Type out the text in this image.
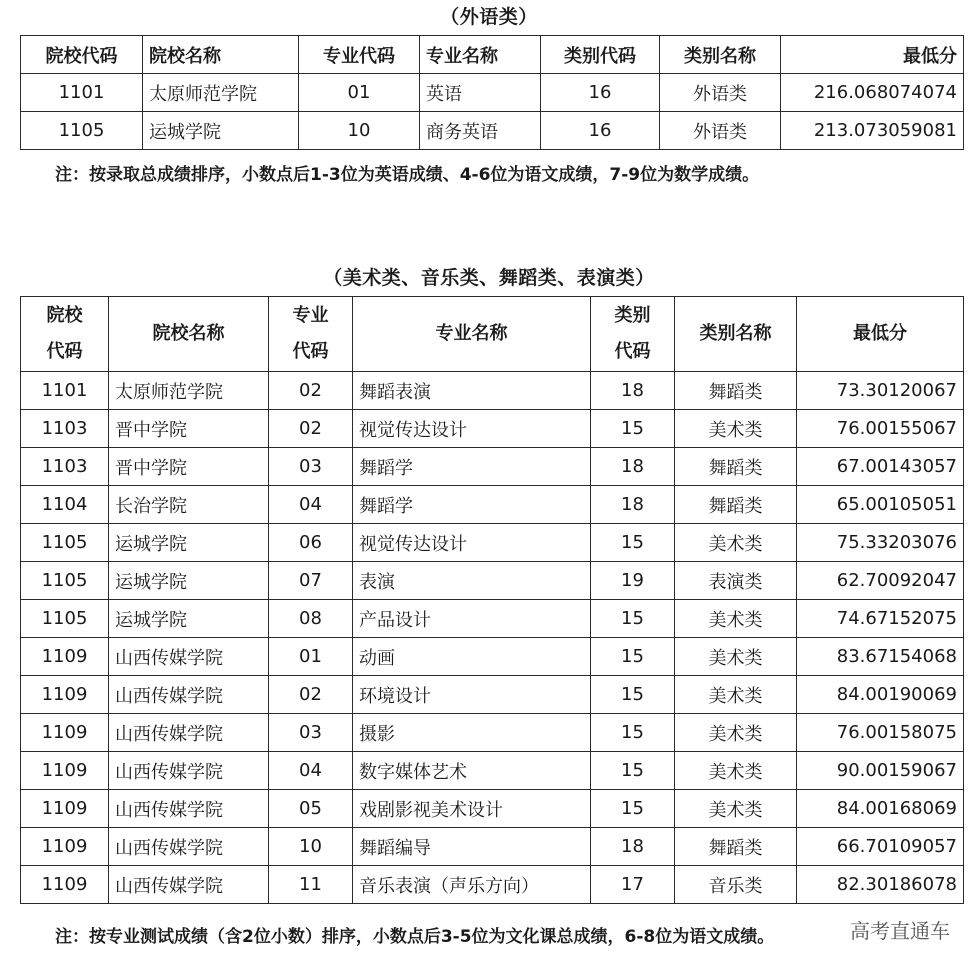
（外语类）
院校代码	院校名称	专业代码	专业名称	类别代码	类别名称	最低分
1101	太原师范学院	01	英语	16	外语类	216.068074074
1105	运城学院	10	商务英语	16	外语类	213.073059081
注：按录取总成绩排序，小数点后1-3位为英语成绩、4-6位为语文成绩，7-9位为数学成绩。
（美术类、音乐类、舞蹈类、表演类）
院校代码	院校名称	专业代码	专业名称	类别代码	类别名称	最低分
1101	太原师范学院	02	舞蹈表演	18	舞蹈类	73.30120067
1103	晋中学院	02	视觉传达设计	15	美术类	76.00155067
1103	晋中学院	03	舞蹈学	18	舞蹈类	67.00143057
1104	长治学院	04	舞蹈学	18	舞蹈类	65.00105051
1105	运城学院	06	视觉传达设计	15	美术类	75.33203076
1105	运城学院	07	表演	19	表演类	62.70092047
1105	运城学院	08	产品设计	15	美术类	74.67152075
1109	山西传媒学院	01	动画	15	美术类	83.67154068
1109	山西传媒学院	02	环境设计	15	美术类	84.00190069
1109	山西传媒学院	03	摄影	15	美术类	76.00158075
1109	山西传媒学院	04	数字媒体艺术	15	美术类	90.00159067
1109	山西传媒学院	05	戏剧影视美术设计	15	美术类	84.00168069
1109	山西传媒学院	10	舞蹈编导	18	舞蹈类	66.70109057
1109	山西传媒学院	11	音乐表演（声乐方向）	17	音乐类	82.30186078
注：按专业测试成绩（含2位小数）排序，小数点后3-5位为文化课总成绩，6-8位为语文成绩。	高考直通车
